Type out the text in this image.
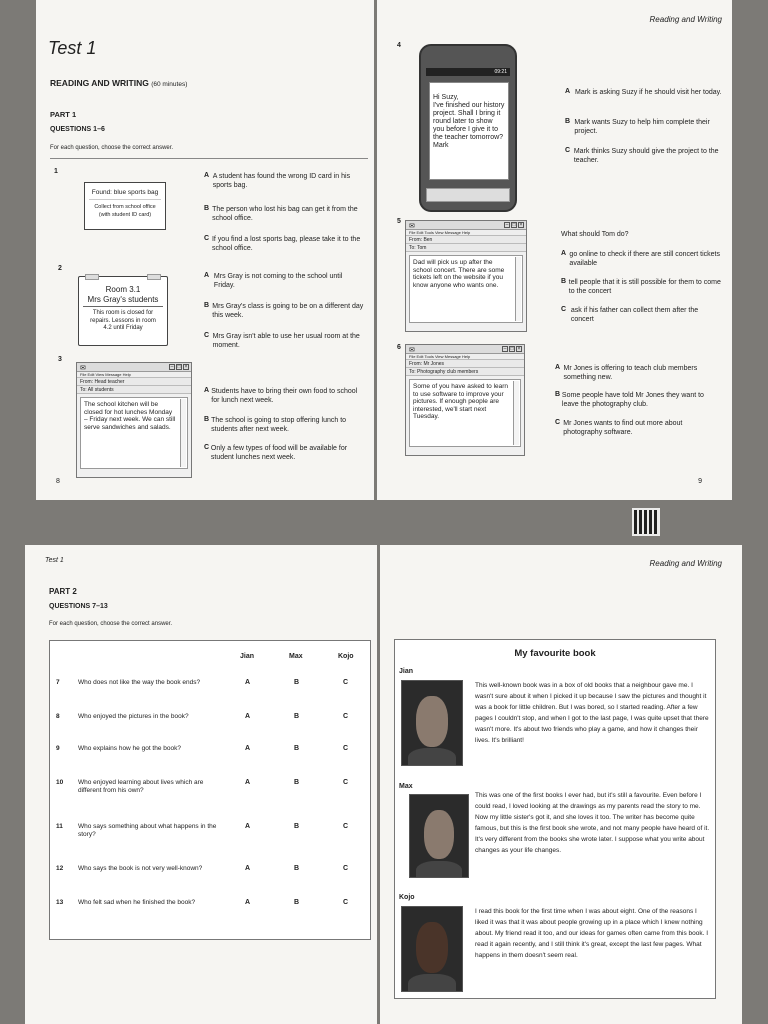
Test 1
READING AND WRITING (60 minutes)
PART 1
QUESTIONS 1–6
For each question, choose the correct answer.
1
Found: blue sports bag
Collect from school office
(with student ID card)
A A student has found the wrong ID card in his sports bag.
B The person who lost his bag can get it from the school office.
C If you find a lost sports bag, please take it to the school office.
2
Room 3.1
Mrs Gray's students
This room is closed for repairs. Lessons in room 4.2 until Friday
A Mrs Gray is not coming to the school until Friday.
B Mrs Gray's class is going to be on a different day this week.
C Mrs Gray isn't able to use her usual room at the moment.
3
✉	– □ ×
File Edit View Message Help
From: Head teacher
To: All students
The school kitchen will be closed for hot lunches Monday – Friday next week. We can still serve sandwiches and salads.
A Students have to bring their own food to school for lunch next week.
B The school is going to stop offering lunch to students after next week.
C Only a few types of food will be available for student lunches next week.
8
Reading and Writing
4
09:21

Hi Suzy,
I've finished our history project. Shall I bring it round later to show you before I give it to the teacher tomorrow?
Mark

A Mark is asking Suzy if he should visit her today.
B Mark wants Suzy to help him complete their project.
C Mark thinks Suzy should give the project to the teacher.
5
✉	– □ ×
File Edit Tools View Message Help
From: Ben
To: Tom
Dad will pick us up after the school concert. There are some tickets left on the website if you know anyone who wants one.
What should Tom do?
A go online to check if there are still concert tickets available
B tell people that it is still possible for them to come to the concert
C ask if his father can collect them after the concert
6 ✉	– □ ×
File Edit Tools View Message Help
From: Mr Jones
To: Photography club members
Some of you have asked to learn to use software to improve your pictures. If enough people are interested, we'll start next Tuesday.
A Mr Jones is offering to teach club members something new.
B Some people have told Mr Jones they want to leave the photography club.
C Mr Jones wants to find out more about photography software.
9
Test 1
PART 2
QUESTIONS 7–13
For each question, choose the correct answer.
Jian	Max	Kojo
7	Who does not like the way the book ends?	A	B	C
8	Who enjoyed the pictures in the book?	A	B	C
9	Who explains how he got the book?	A	B	C
10 Who enjoyed learning about lives which are different from his own?
A	B	C
11 Who says something about what happens in the story?
A	B	C
12 Who says the book is not very well-known?	A	B	C
13 Who felt sad when he finished the book?	A	B	C
Reading and Writing
My favourite book
Jian
This well-known book was in a box of old books that a neighbour gave me. I wasn't sure about it when I picked it up because I saw the pictures and thought it was a book for little children. But I was bored, so I started reading. After a few pages I couldn't stop, and when I got to the last page, I was quite upset that there wasn't more. It's about two friends who play a game, and how it changes their lives. It's brilliant!
Max
This was one of the first books I ever had, but it's still a favourite. Even before I could read, I loved looking at the drawings as my parents read the story to me. Now my little sister's got it, and she loves it too. The writer has become quite famous, but this is the first book she wrote, and not many people have heard of it. It's very different from the books she wrote later. I suppose what you write about changes as your life changes.
Kojo
I read this book for the first time when I was about eight. One of the reasons I liked it was that it was about people growing up in a place which I knew nothing about. My friend read it too, and our ideas for games often came from this book. I read it again recently, and I still think it's great, except the last few pages. What happens in them doesn't seem real.
